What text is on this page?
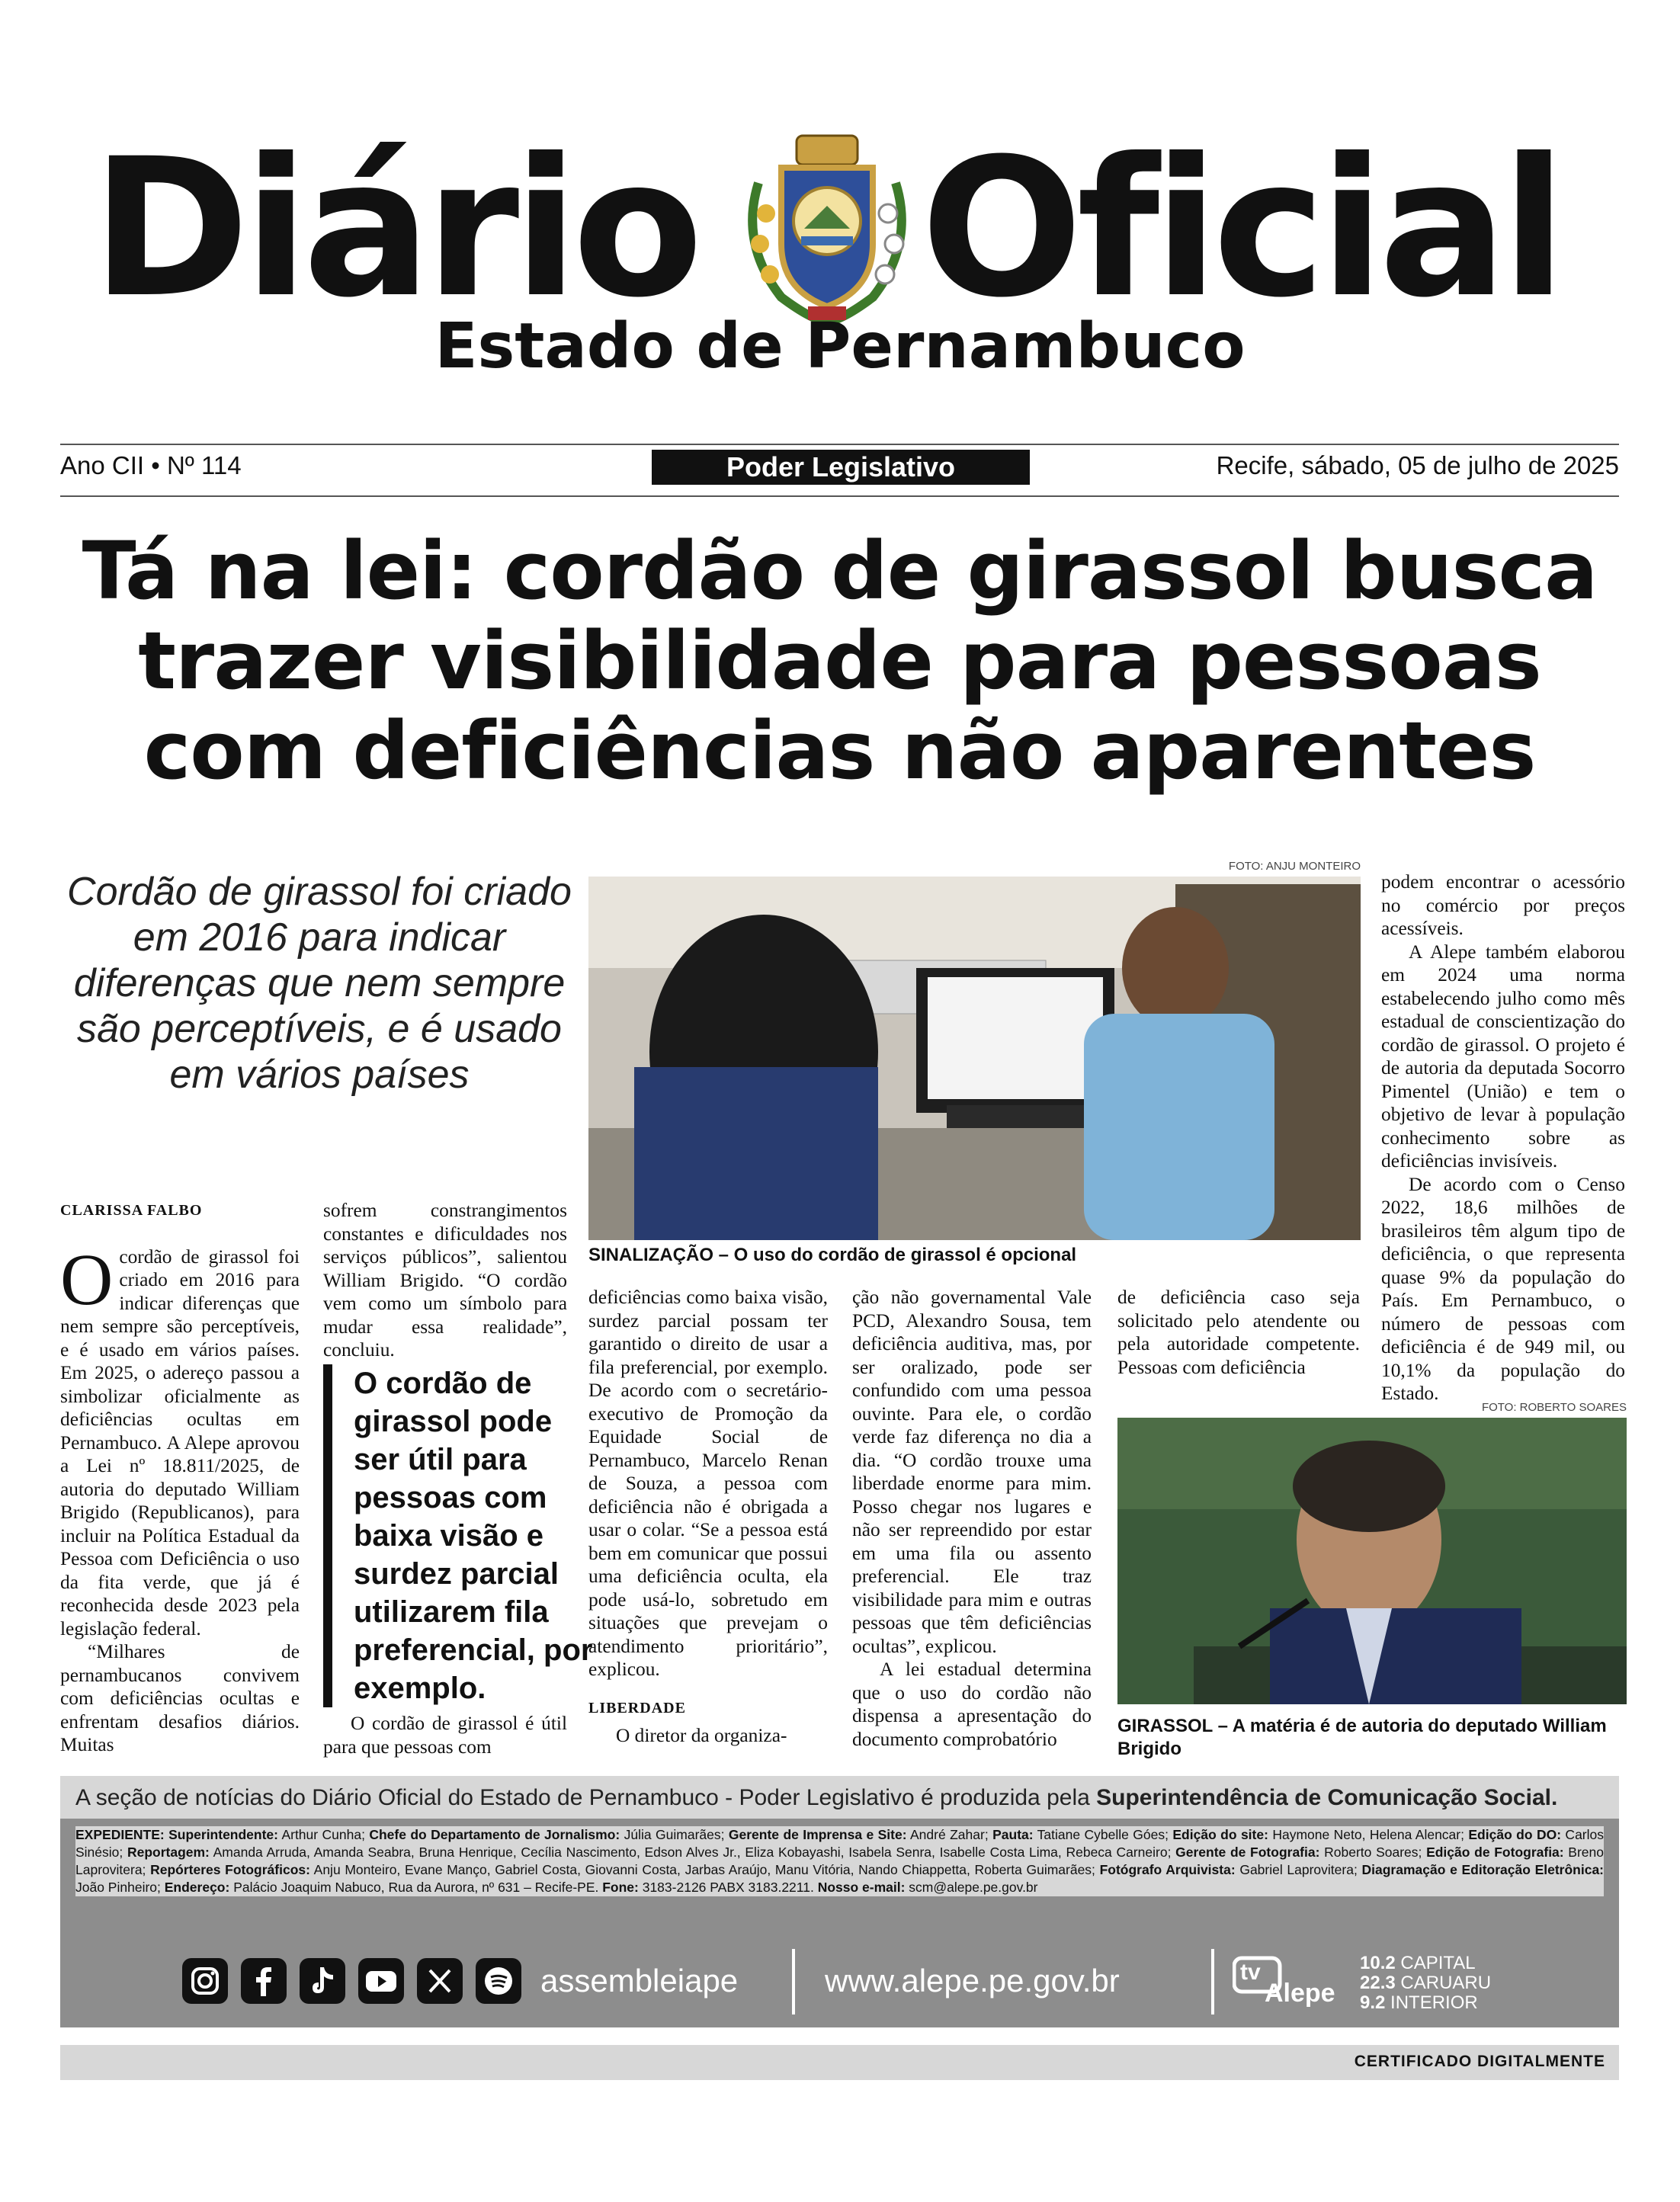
Diário Oficial
Estado de Pernambuco
Ano CII • Nº 114	Poder Legislativo	Recife, sábado, 05 de julho de 2025
Tá na lei: cordão de girassol busca
trazer visibilidade para pessoas
com deficiências não aparentes
Cordão de girassol foi criado em 2016 para indicar diferenças que nem sempre são perceptíveis, e é usado em vários países
CLARISSA FALBO

Ocordão de girassol foi criado em 2016 para indicar diferenças que nem sempre são perceptíveis, e é usado em vários países. Em 2025, o adereço passou a simbolizar oficialmente as deficiências ocultas em Pernambuco. A Alepe aprovou a Lei nº 18.811/2025, de autoria do deputado William Brigido (Republicanos), para incluir na Política Estadual da Pessoa com Deficiência o uso da fita verde, que já é reconhecida desde 2023 pela legislação federal.

“Milhares de pernambucanos convivem com deficiências ocultas e enfrentam desafios diários. Muitas

sofrem constrangimentos constantes e dificuldades nos serviços públicos”, salientou William Brigido. “O cordão vem como um símbolo para mudar essa realidade”, concluiu.

O cordão de girassol pode ser útil para pessoas com baixa visão e surdez parcial utilizarem fila preferencial, por exemplo.

O cordão de girassol é útil para que pessoas com

FOTO: ANJU MONTEIRO
SINALIZAÇÃO – O uso do cordão de girassol é opcional

deficiências como baixa visão, surdez parcial possam ter garantido o direito de usar a fila preferencial, por exemplo. De acordo com o secretário-executivo de Promoção da Equidade Social de Pernambuco, Marcelo Renan de Souza, a pessoa com deficiência não é obrigada a usar o colar. “Se a pessoa está bem em comunicar que possui uma deficiência oculta, ela pode usá-lo, sobretudo em situações que prevejam o atendimento prioritário”, explicou.

LIBERDADE

O diretor da organiza-

ção não governamental Vale PCD, Alexandro Sousa, tem deficiência auditiva, mas, por ser oralizado, pode ser confundido com uma pessoa ouvinte. Para ele, o cordão verde faz diferença no dia a dia. “O cordão trouxe uma liberdade enorme para mim. Posso chegar nos lugares e não ser repreendido por estar em uma fila ou assento preferencial. Ele traz visibilidade para mim e outras pessoas que têm deficiências ocultas”, explicou.

A lei estadual determina que o uso do cordão não dispensa a apresentação do documento comprobatório

de deficiência caso seja solicitado pelo atendente ou pela autoridade competente. Pessoas com deficiência

podem encontrar o acessório no comércio por preços acessíveis.

A Alepe também elaborou em 2024 uma norma estabelecendo julho como mês estadual de conscientização do cordão de girassol. O projeto é de autoria da deputada Socorro Pimentel (União) e tem o objetivo de levar à população conhecimento sobre as deficiências invisíveis.

De acordo com o Censo 2022, 18,6 milhões de brasileiros têm algum tipo de deficiência, o que representa quase 9% da população do País. Em Pernambuco, o número de pessoas com deficiência é de 949 mil, ou 10,1% da população do Estado.

FOTO: ROBERTO SOARES
GIRASSOL – A matéria é de autoria do deputado William Brigido
A seção de notícias do Diário Oficial do Estado de Pernambuco - Poder Legislativo é produzida pela Superintendência de Comunicação Social.
EXPEDIENTE: Superintendente: Arthur Cunha; Chefe do Departamento de Jornalismo: Júlia Guimarães; Gerente de Imprensa e Site: André Zahar; Pauta: Tatiane Cybelle Góes; Edição do site: Haymone Neto, Helena Alencar; Edição do DO: Carlos Sinésio; Reportagem: Amanda Arruda, Amanda Seabra, Bruna Henrique, Cecília Nascimento, Edson Alves Jr., Eliza Kobayashi, Isabela Senra, Isabelle Costa Lima, Rebeca Carneiro; Gerente de Fotografia: Roberto Soares; Edição de Fotografia: Breno Laprovitera; Repórteres Fotográficos: Anju Monteiro, Evane Manço, Gabriel Costa, Giovanni Costa, Jarbas Araújo, Manu Vitória, Nando Chiappetta, Roberta Guimarães; Fotógrafo Arquivista: Gabriel Laprovitera; Diagramação e Editoração Eletrônica: João Pinheiro; Endereço: Palácio Joaquim Nabuco, Rua da Aurora, nº 631 – Recife-PE. Fone: 3183-2126 PABX 3183.2211. Nosso e-mail: scm@alepe.pe.gov.br
assembleiape	www.alepe.pe.gov.br	tv
Alepe
10.2 CAPITAL
22.3 CARUARU
9.2 INTERIOR
CERTIFICADO DIGITALMENTE
